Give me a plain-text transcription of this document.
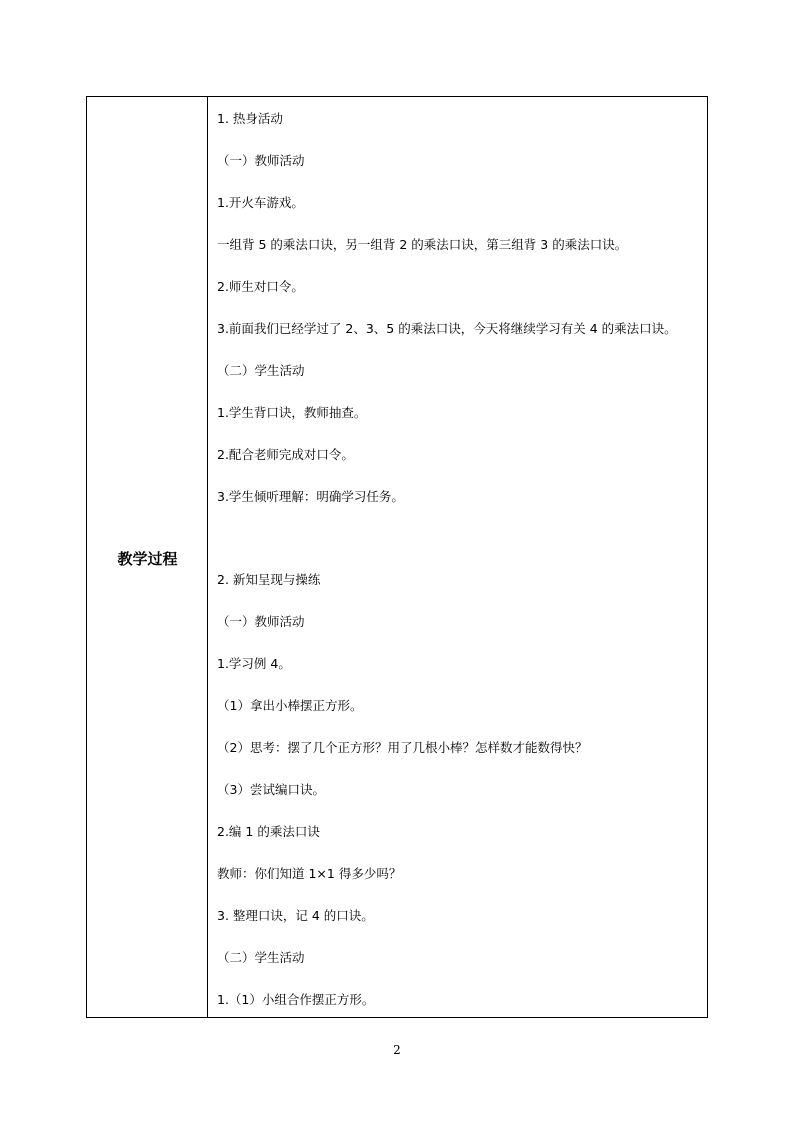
教学过程
1. 热身活动
（一）教师活动
1.开火车游戏。
一组背 5 的乘法口诀，另一组背 2 的乘法口诀，第三组背 3 的乘法口诀。
2.师生对口令。
3.前面我们已经学过了 2、3、5 的乘法口诀，今天将继续学习有关 4 的乘法口诀。
（二）学生活动
1.学生背口诀，教师抽查。
2.配合老师完成对口令。
3.学生倾听理解：明确学习任务。
2. 新知呈现与操练
（一）教师活动
1.学习例 4。
（1）拿出小棒摆正方形。
（2）思考：摆了几个正方形？用了几根小棒？怎样数才能数得快？
（3）尝试编口诀。
2.编 1 的乘法口诀
教师：你们知道 1×1 得多少吗？
3. 整理口诀，记 4 的口诀。
（二）学生活动
1.（1）小组合作摆正方形。
2
